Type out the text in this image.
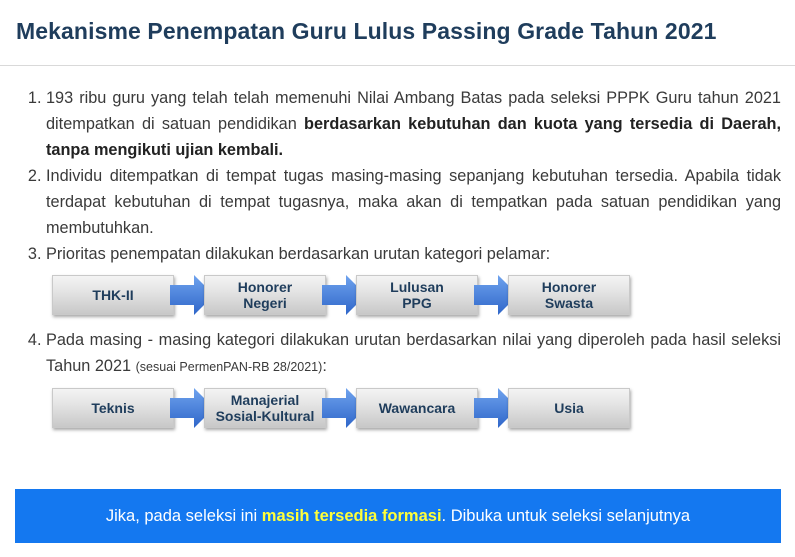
Mekanisme Penempatan Guru Lulus Passing Grade Tahun 2021
1. 193 ribu guru yang telah telah memenuhi Nilai Ambang Batas pada seleksi PPPK Guru tahun 2021 ditempatkan di satuan pendidikan berdasarkan kebutuhan dan kuota yang tersedia di Daerah, tanpa mengikuti ujian kembali.
2. Individu ditempatkan di tempat tugas masing-masing sepanjang kebutuhan tersedia. Apabila tidak terdapat kebutuhan di tempat tugasnya, maka akan di tempatkan pada satuan pendidikan yang membutuhkan.
3. Prioritas penempatan dilakukan berdasarkan urutan kategori pelamar:
THK-II	Honorer
Negeri
Lulusan
PPG
Honorer
Swasta
4. Pada masing - masing kategori dilakukan urutan berdasarkan nilai yang diperoleh pada hasil seleksi Tahun 2021 (sesuai PermenPAN-RB 28/2021):
Teknis	Manajerial
Sosial-Kultural	Wawancara	Usia
Jika, pada seleksi ini
masih tersedia formasi . Dibuka untuk seleksi selanjutnya
